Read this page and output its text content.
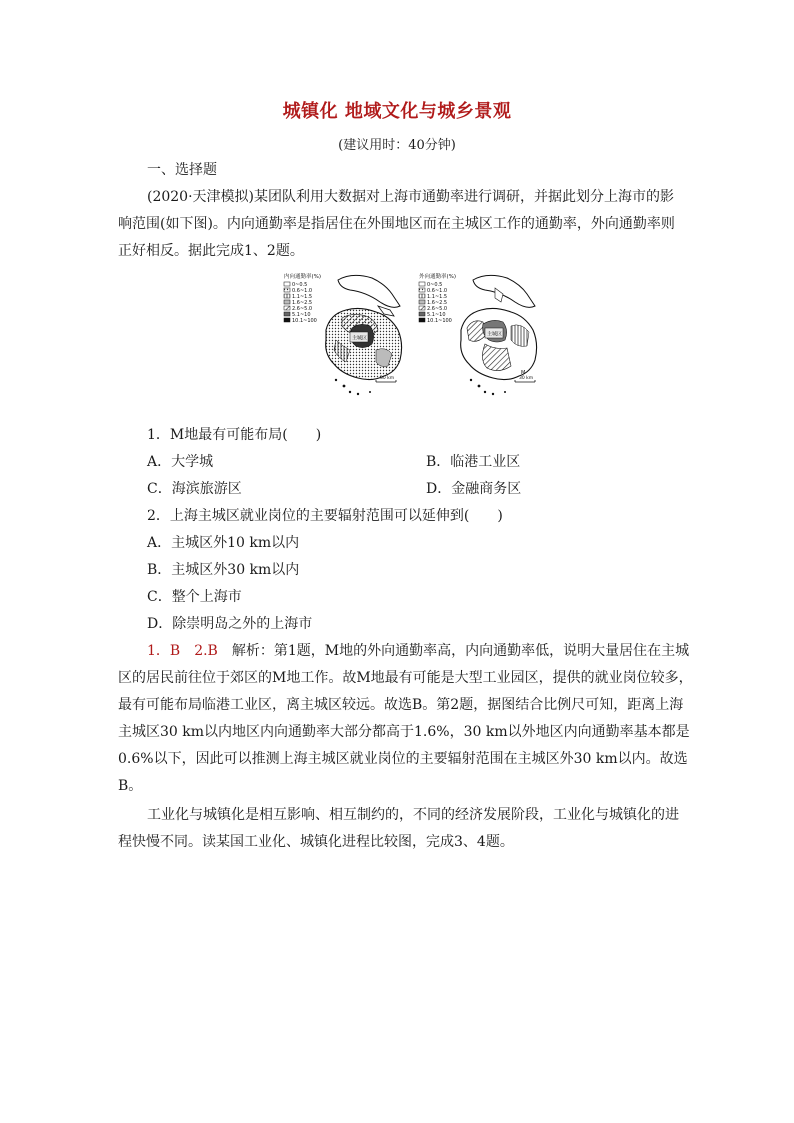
城镇化 地域文化与城乡景观
(建议用时：40分钟)
一、选择题
(2020·天津模拟)某团队利用大数据对上海市通勤率进行调研，并据此划分上海市的影
响范围(如下图)。内向通勤率是指居住在外围地区而在主城区工作的通勤率，外向通勤率则
正好相反。据此完成1、2题。
内向通勤率(%)
0~0.5
0.6~1.0
1.1~1.5
1.6~2.5
2.6~5.0
5.1~10
10.1~100
主城区
30 km
外向通勤率(%)
0~0.5
0.6~1.0
1.1~1.5
1.6~2.5
2.6~5.0
5.1~10
10.1~100
主城区
M
30 km
1．M地最有可能布局(　　)
A．大学城	B．临港工业区
C．海滨旅游区	D．金融商务区
2．上海主城区就业岗位的主要辐射范围可以延伸到(　　)
A．主城区外10 km以内
B．主城区外30 km以内
C．整个上海市
D．除崇明岛之外的上海市
1．B　2.B　解析：第1题，M地的外向通勤率高，内向通勤率低，说明大量居住在主城
区的居民前往位于郊区的M地工作。故M地最有可能是大型工业园区，提供的就业岗位较多，
最有可能布局临港工业区，离主城区较远。故选B。第2题，据图结合比例尺可知，距离上海
主城区30 km以内地区内向通勤率大部分都高于1.6%，30 km以外地区内向通勤率基本都是
0.6%以下，因此可以推测上海主城区就业岗位的主要辐射范围在主城区外30 km以内。故选
B。
工业化与城镇化是相互影响、相互制约的，不同的经济发展阶段，工业化与城镇化的进
程快慢不同。读某国工业化、城镇化进程比较图，完成3、4题。
